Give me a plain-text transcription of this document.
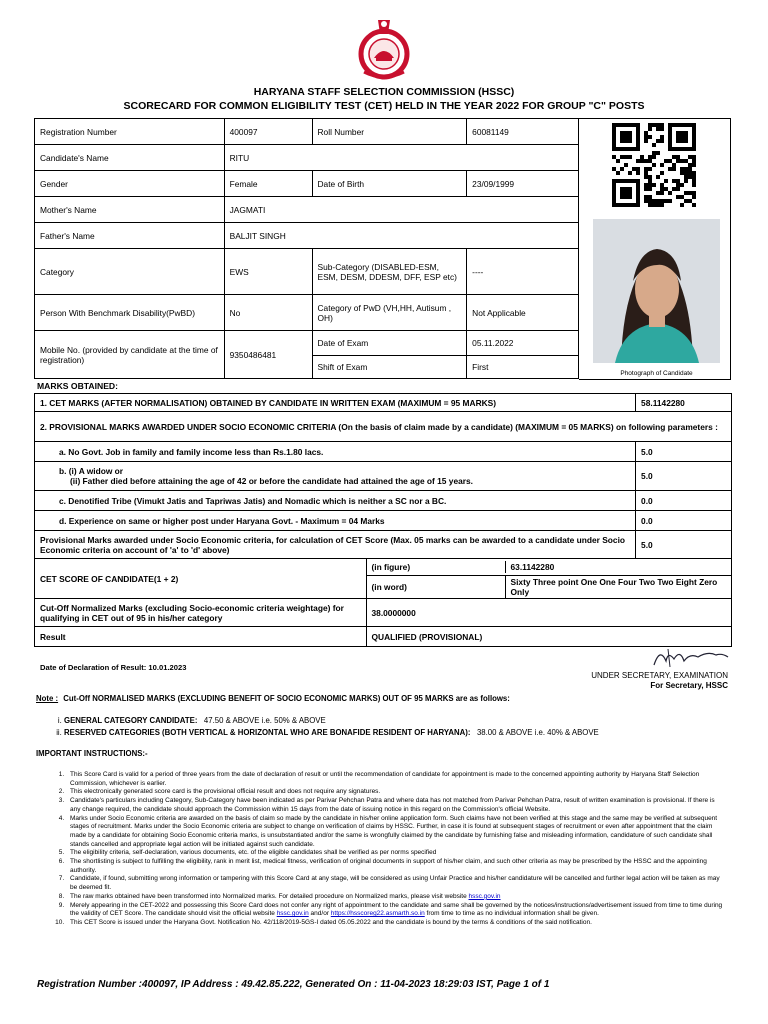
HARYANA STAFF SELECTION COMMISSION (HSSC)
SCORECARD FOR COMMON ELIGIBILITY TEST (CET) HELD IN THE YEAR 2022 FOR GROUP "C" POSTS
Registration Number	400097	Roll Number	60081149
Candidate's Name	RITU		
Gender	Female	Date of Birth	23/09/1999
Mother's Name	JAGMATI		
Father's Name	BALJIT SINGH		
Category	EWS	Sub-Category (DISABLED-ESM, ESM, DESM, DDESM, DFF, ESP etc)	----
Person With Benchmark Disability(PwBD)	No	Category of PwD (VH,HH, Autisum , OH)	Not Applicable
Mobile No. (provided by candidate at the time of registration)	9350486481	Date of Exam	05.11.2022
		Shift of Exam	First
Photograph of Candidate
MARKS OBTAINED:
1. CET MARKS (AFTER NORMALISATION) OBTAINED BY CANDIDATE IN WRITTEN EXAM (MAXIMUM = 95 MARKS)	58.1142280
2. PROVISIONAL MARKS AWARDED UNDER SOCIO ECONOMIC CRITERIA (On the basis of claim made by a candidate) (MAXIMUM = 05 MARKS) on following parameters :
a. No Govt. Job in family and family income less than Rs.1.80 lacs.	5.0

b. (i) A widow or
(ii) Father died before attaining the age of 42 or before the candidate had attained the age of 15 years.	5.0
c. Denotified Tribe (Vimukt Jatis and Tapriwas Jatis) and Nomadic which is neither a SC nor a BC.	0.0
d. Experience on same or higher post under Haryana Govt. - Maximum = 04 Marks	0.0
Provisional Marks awarded under Socio Economic criteria, for calculation of CET Score (Max. 05 marks can be awarded to a candidate under Socio Economic criteria on account of 'a' to 'd' above)	5.0
CET SCORE OF CANDIDATE(1 + 2)	
(in figure)	63.1142280

(in word)	Sixty Three point One One Four Two Two Eight Zero Only

Cut-Off Normalized Marks (excluding Socio-economic criteria weightage) for qualifying in CET out of 95 in his/her category	38.0000000
Result	QUALIFIED (PROVISIONAL)
Date of Declaration of Result: 10.01.2023
UNDER SECRETARY, EXAMINATION
For Secretary, HSSC
Note : Cut-Off NORMALISED MARKS (EXCLUDING BENEFIT OF SOCIO ECONOMIC MARKS) OUT OF 95 MARKS are as follows:
i. GENERAL CATEGORY CANDIDATE: 47.50 & ABOVE i.e. 50% & ABOVE
ii. RESERVED CATEGORIES (BOTH VERTICAL & HORIZONTAL WHO ARE BONAFIDE RESIDENT OF HARYANA): 38.00 & ABOVE i.e. 40% & ABOVE
IMPORTANT INSTRUCTIONS:-
1. This Score Card is valid for a period of three years from the date of declaration of result or until the recommendation of candidate for appointment is made to the concerned appointing authority by Haryana Staff Selection Commission, whichever is earlier.
2. This electronically generated score card is the provisional official result and does not require any signatures.
3. Candidate's particulars including Category, Sub-Category have been indicated as per Parivar Pehchan Patra and where data has not matched from Parivar Pehchan Patra, result of written examination is provisional. If there is any change required, the candidate should approach the Commission within 15 days from the date of issuing notice in this regard on the Commission's official Website.
4. Marks under Socio Economic criteria are awarded on the basis of claim so made by the candidate in his/her online application form. Such claims have not been verified at this stage and the same may be verified at subsequent stages of recruitment. Marks under the Socio Economic criteria are subject to change on verification of claims by HSSC. Further, in case it is found at subsequent stages of recruitment or even after appointment that the claim made by a candidate for obtaining Socio Economic criteria marks, is unsubstantiated and/or the same is wrongfully claimed by the candidate by furnishing false and misleading information, candidature of such candidate shall stands cancelled and appropriate legal action will be initiated against such candidate.
5. The eligibility criteria, self-declaration, various documents, etc. of the eligible candidates shall be verified as per norms specified
6. The shortlisting is subject to fulfilling the eligibility, rank in merit list, medical fitness, verification of original documents in support of his/her claim, and such other criteria as may be prescribed by the HSSC and the appointing authority.
7. Candidate, if found, submitting wrong information or tampering with this Score Card at any stage, will be considered as using Unfair Practice and his/her candidature will be cancelled and further legal action will be taken as may be deemed fit.
8. The raw marks obtained have been transformed into Normalized marks. For detailed procedure on Normalized marks, please visit website hssc.gov.in
9. Merely appearing in the CET-2022 and possessing this Score Card does not confer any right of appointment to the candidate and same shall be governed by the notices/instructions/advertisement issued from time to time during the validity of CET Score. The candidate should visit the official website hssc.gov.in and/or https://hsscoreg22.asmarth.so.in from time to time as no individual information shall be given.
10. This CET Score is issued under the Haryana Govt. Notification No. 42/118/2019-5GS-I dated 05.05.2022 and the candidate is bound by the terms & conditions of the said notification.
Registration Number :400097, IP Address : 49.42.85.222, Generated On : 11-04-2023 18:29:03 IST, Page 1 of 1
